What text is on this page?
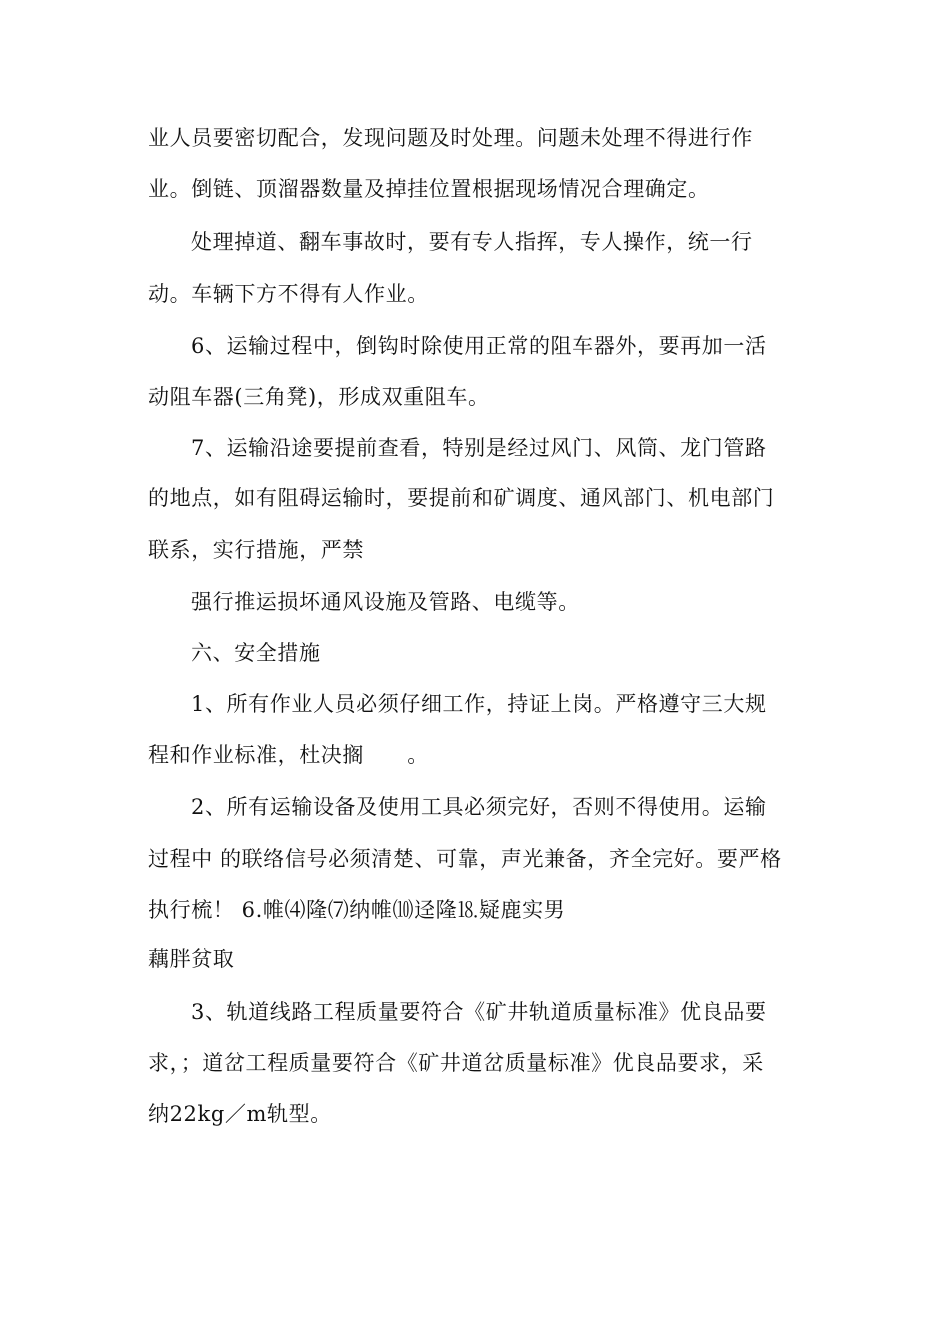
业人员要密切配合，发现问题及时处理。问题未处理不得进行作
业。倒链、顶溜器数量及掉挂位置根据现场情况合理确定。
处理掉道、翻车事故时，要有专人指挥，专人操作，统一行
动。车辆下方不得有人作业。
6、运输过程中，倒钩时除使用正常的阻车器外，要再加一活
动阻车器(三角凳)，形成双重阻车。
7、运输沿途要提前查看，特别是经过风门、风筒、龙门管路
的地点，如有阻碍运输时，要提前和矿调度、通风部门、机电部门
联系，实行措施，严禁
强行推运损坏通风设施及管路、电缆等。
六、安全措施
1、所有作业人员必须仔细工作，持证上岗。严格遵守三大规
程和作业标准，杜决搁　　。
2、所有运输设备及使用工具必须完好，否则不得使用。运输
过程中 的联络信号必须清楚、可靠，声光兼备，齐全完好。要严格
执行梳！ 6.帷⑷隆⑺纳帷⑽迳隆⒙疑鹿实男
藕胖贫取
3、轨道线路工程质量要符合《矿井轨道质量标准》优良品要
求，；道岔工程质量要符合《矿井道岔质量标准》优良品要求，采
纳22kg／m轨型。
